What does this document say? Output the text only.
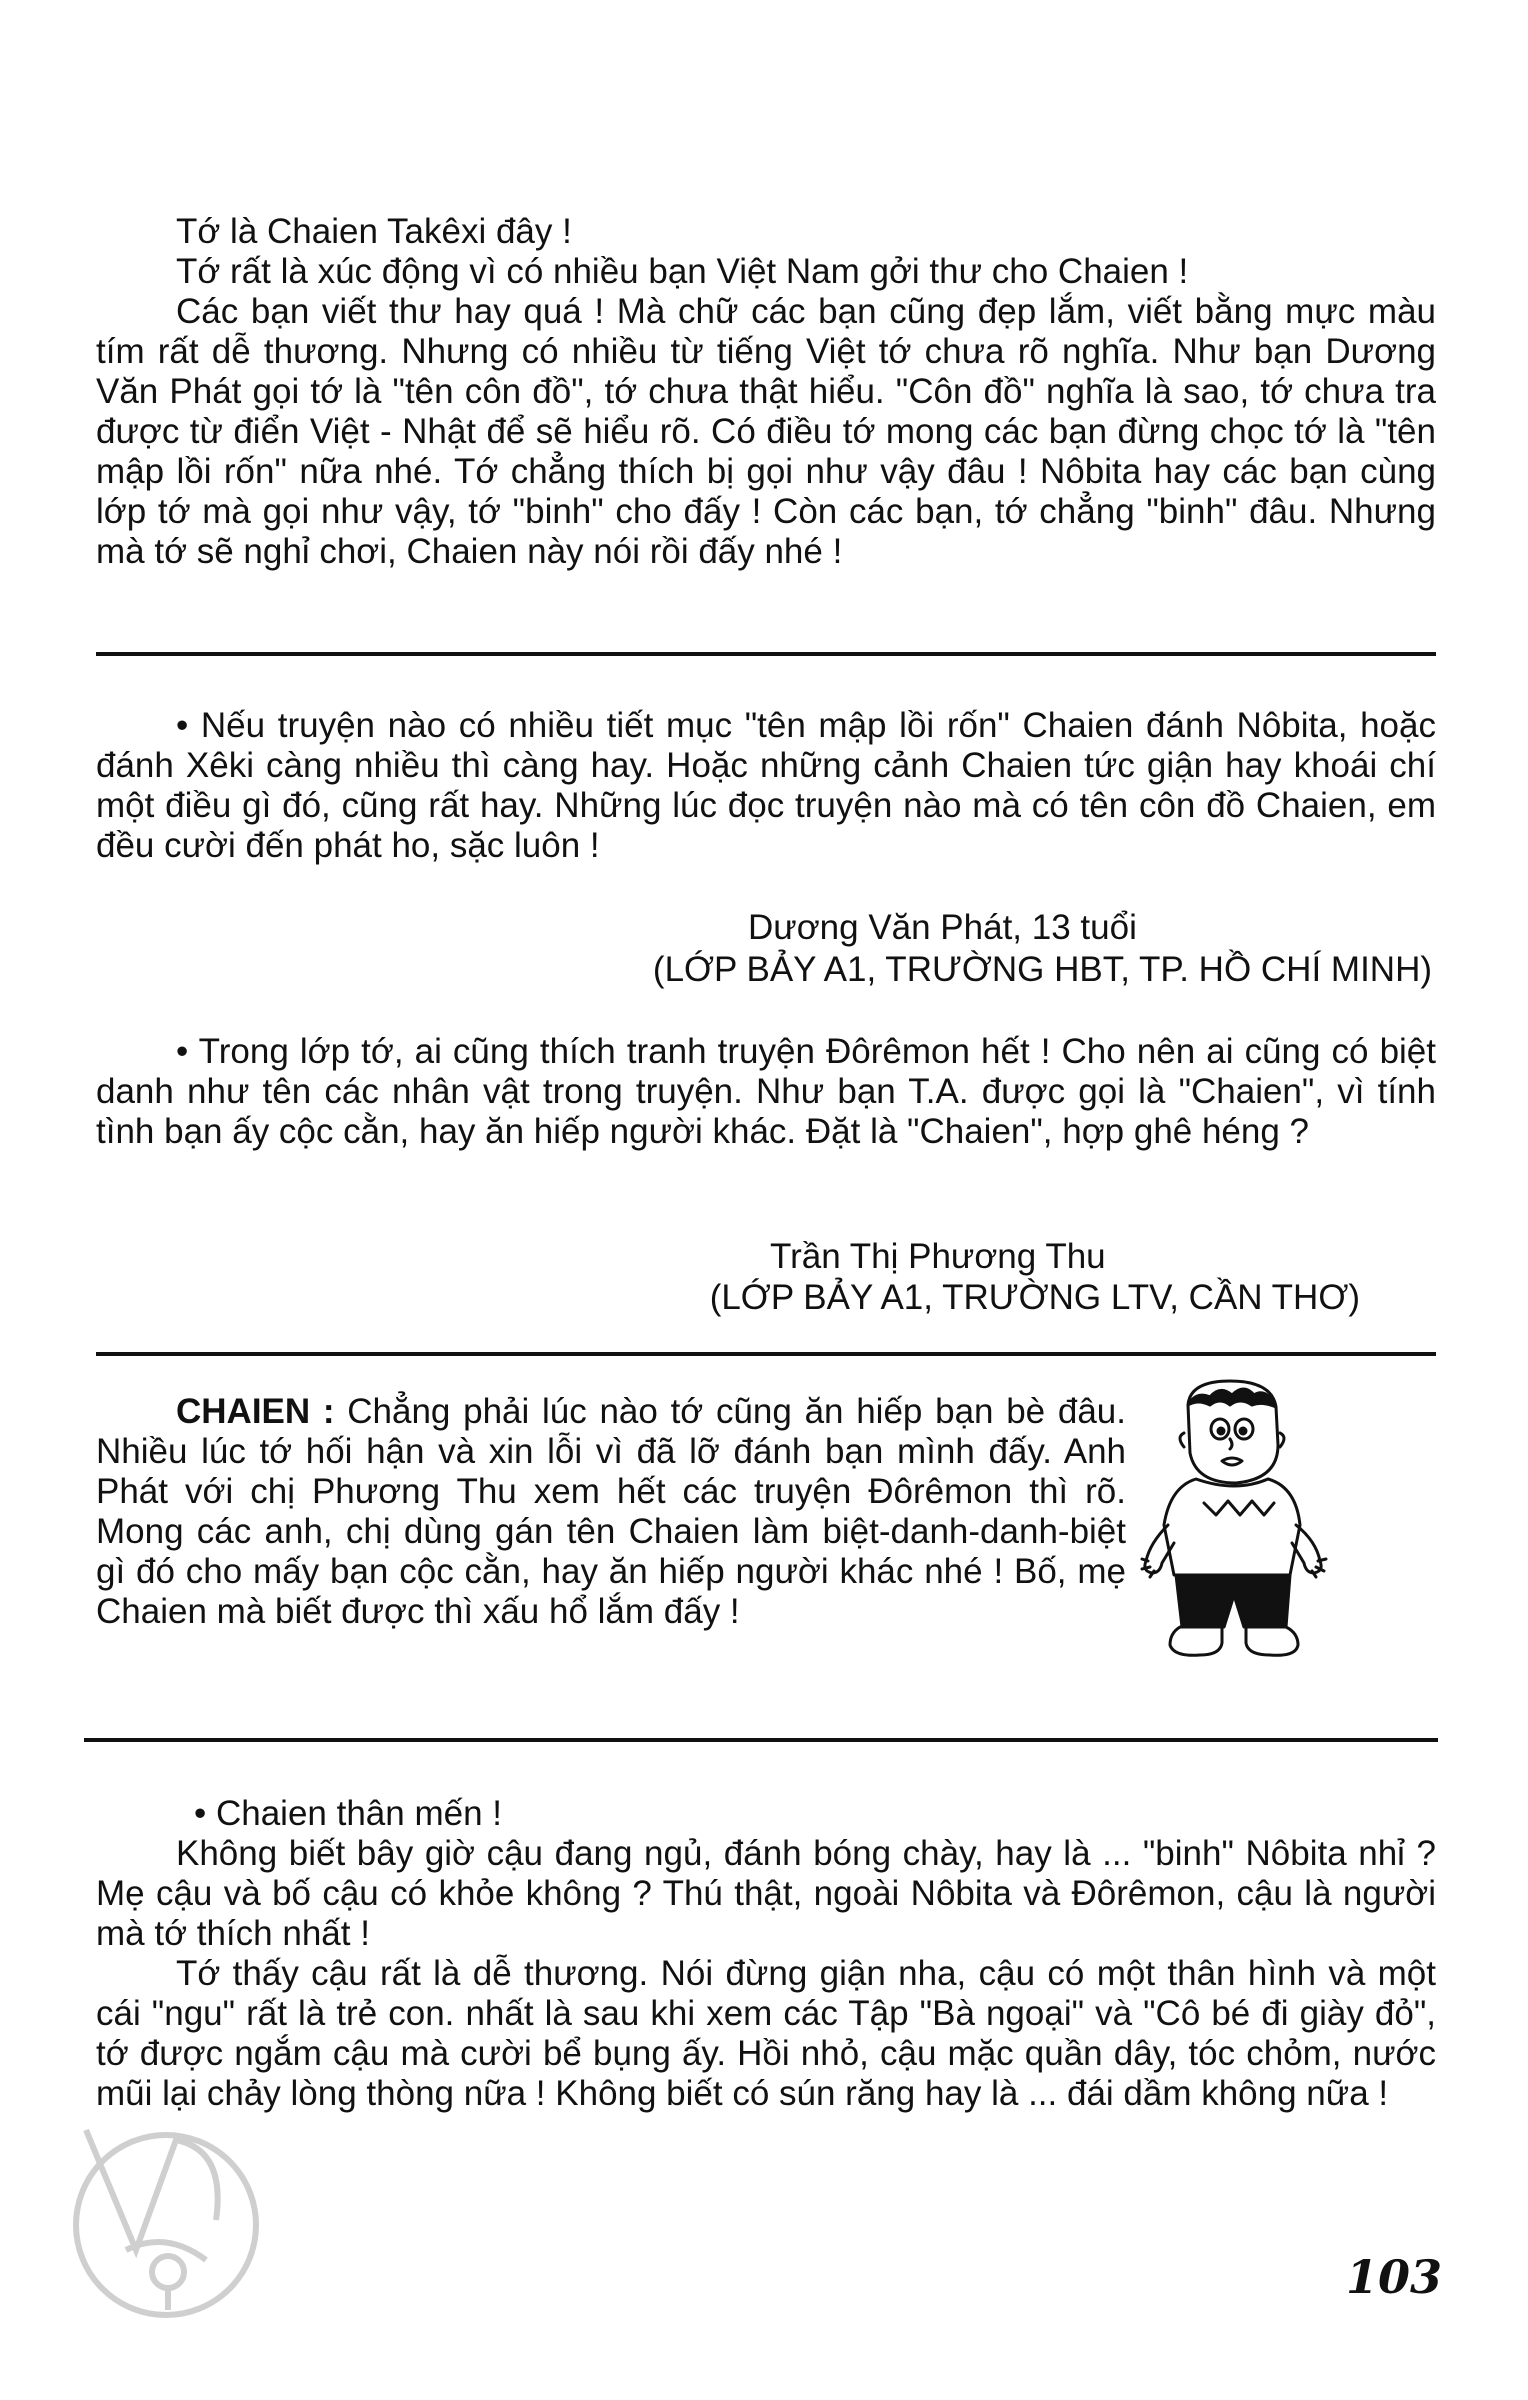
Tớ là Chaien Takêxi đây !

Tớ rất là xúc động vì có nhiều bạn Việt Nam gởi thư cho Chaien !

Các bạn viết thư hay quá ! Mà chữ các bạn cũng đẹp lắm, viết bằng mực màu tím rất dễ thương. Nhưng có nhiều từ tiếng Việt tớ chưa rõ nghĩa. Như bạn Dương Văn Phát gọi tớ là "tên côn đồ", tớ chưa thật hiểu. "Côn đồ" nghĩa là sao, tớ chưa tra được từ điển Việt - Nhật để sẽ hiểu rõ. Có điều tớ mong các bạn đừng chọc tớ là "tên mập lồi rốn" nữa nhé. Tớ chẳng thích bị gọi như vậy đâu ! Nôbita hay các bạn cùng lớp tớ mà gọi như vậy, tớ "binh" cho đấy ! Còn các bạn, tớ chẳng "binh" đâu. Nhưng mà tớ sẽ nghỉ chơi, Chaien này nói rồi đấy nhé !

• Nếu truyện nào có nhiều tiết mục "tên mập lồi rốn" Chaien đánh Nôbita, hoặc đánh Xêki càng nhiều thì càng hay. Hoặc những cảnh Chaien tức giận hay khoái chí một điều gì đó, cũng rất hay. Những lúc đọc truyện nào mà có tên côn đồ Chaien, em đều cười đến phát ho, sặc luôn !

Dương Văn Phát, 13 tuổi
(LỚP BẢY A1, TRƯỜNG HBT, TP. HỒ CHÍ MINH)

• Trong lớp tớ, ai cũng thích tranh truyện Đôrêmon hết ! Cho nên ai cũng có biệt danh như tên các nhân vật trong truyện. Như bạn T.A. được gọi là "Chaien", vì tính tình bạn ấy cộc cằn, hay ăn hiếp người khác. Đặt là "Chaien", hợp ghê héng ?

Trần Thị Phương Thu
(LỚP BẢY A1, TRƯỜNG LTV, CẦN THƠ)

CHAIEN : Chẳng phải lúc nào tớ cũng ăn hiếp bạn bè đâu. Nhiều lúc tớ hối hận và xin lỗi vì đã lỡ đánh bạn mình đấy. Anh Phát với chị Phương Thu xem hết các truyện Đôrêmon thì rõ. Mong các anh, chị dùng gán tên Chaien làm biệt-danh-danh-biệt gì đó cho mấy bạn cộc cằn, hay ăn hiếp người khác nhé ! Bố, mẹ Chaien mà biết được thì xấu hổ lắm đấy !

• Chaien thân mến !

Không biết bây giờ cậu đang ngủ, đánh bóng chày, hay là ... "binh" Nôbita nhỉ ? Mẹ cậu và bố cậu có khỏe không ? Thú thật, ngoài Nôbita và Đôrêmon, cậu là người mà tớ thích nhất !

Tớ thấy cậu rất là dễ thương. Nói đừng giận nha, cậu có một thân hình và một cái "ngu" rất là trẻ con. nhất là sau khi xem các Tập "Bà ngoại" và "Cô bé đi giày đỏ", tớ được ngắm cậu mà cười bể bụng ấy. Hồi nhỏ, cậu mặc quần dây, tóc chỏm, nước mũi lại chảy lòng thòng nữa ! Không biết có sún răng hay là ... đái dầm không nữa !

103
